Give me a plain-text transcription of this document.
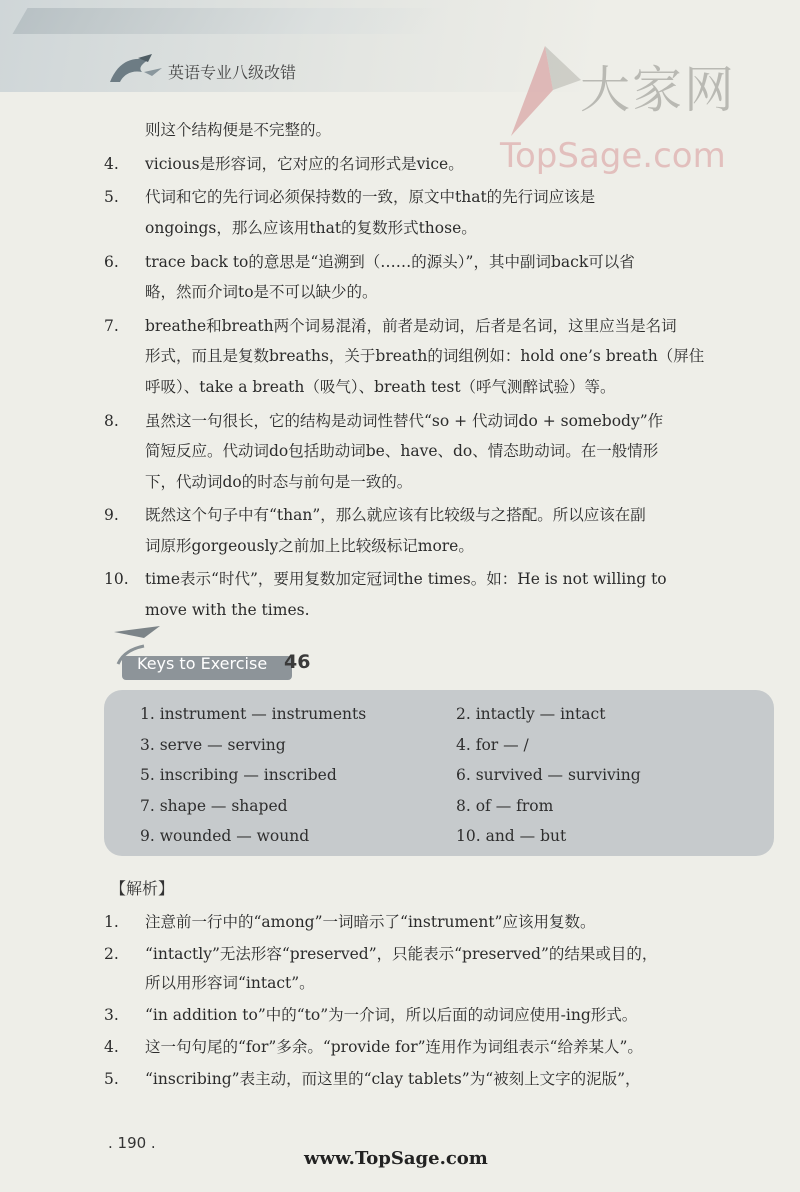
英语专业八级改错	大家网
TopSage.com
则这个结构便是不完整的。
4. vicious是形容词，它对应的名词形式是vice。
5. 代词和它的先行词必须保持数的一致，原文中that的先行词应该是
ongoings，那么应该用that的复数形式those。
6. trace back to的意思是“追溯到（……的源头）”，其中副词back可以省
略，然而介词to是不可以缺少的。
7. breathe和breath两个词易混淆，前者是动词，后者是名词，这里应当是名词
形式，而且是复数breaths，关于breath的词组例如：hold one’s breath（屏住
呼吸）、take a breath（吸气）、breath test（呼气测醉试验）等。
8. 虽然这一句很长，它的结构是动词性替代“so + 代动词do + somebody”作
简短反应。代动词do包括助动词be、have、do、情态助动词。在一般情形
下，代动词do的时态与前句是一致的。
9. 既然这个句子中有“than”，那么就应该有比较级与之搭配。所以应该在副
词原形gorgeously之前加上比较级标记more。
10. time表示“时代”，要用复数加定冠词the times。如：He is not willing to
move with the times.
Keys to Exercise 46
1. instrument — instruments	2. intactly — intact
3. serve — serving	4. for — /
5. inscribing — inscribed	6. survived — surviving
7. shape — shaped	8. of — from
9. wounded — wound	10. and — but
【解析】
1. 注意前一行中的“among”一词暗示了“instrument”应该用复数。
2. “intactly”无法形容“preserved”，只能表示“preserved”的结果或目的，
所以用形容词“intact”。
3. “in addition to”中的“to”为一介词，所以后面的动词应使用-ing形式。
4. 这一句句尾的“for”多余。“provide for”连用作为词组表示“给养某人”。
5. “inscribing”表主动，而这里的“clay tablets”为“被刻上文字的泥版”，
. 190 .
www.TopSage.com
